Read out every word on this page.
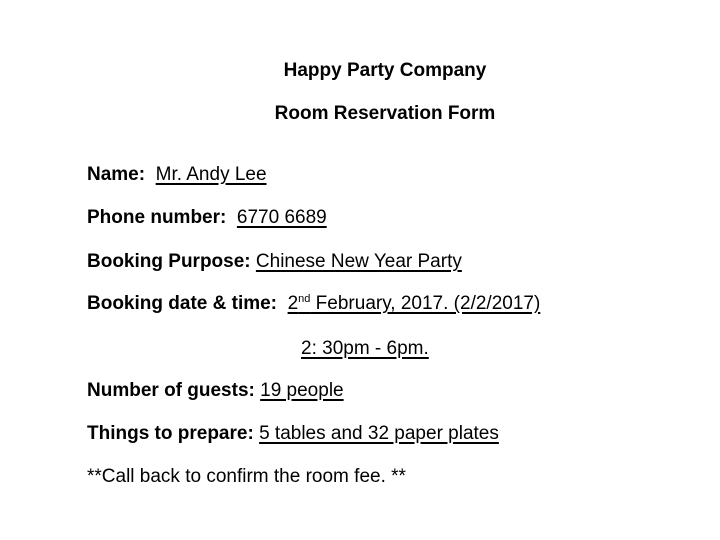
Happy Party Company
Room Reservation Form
Name: Mr. Andy Lee
Phone number:  6770 6689
Booking Purpose: Chinese New Year Party
Booking date & time:  2nd February, 2017. (2/2/2017)
2: 30pm - 6pm.
Number of guests: 19 people
Things to prepare: 5 tables and 32 paper plates
**Call back to confirm the room fee. **
